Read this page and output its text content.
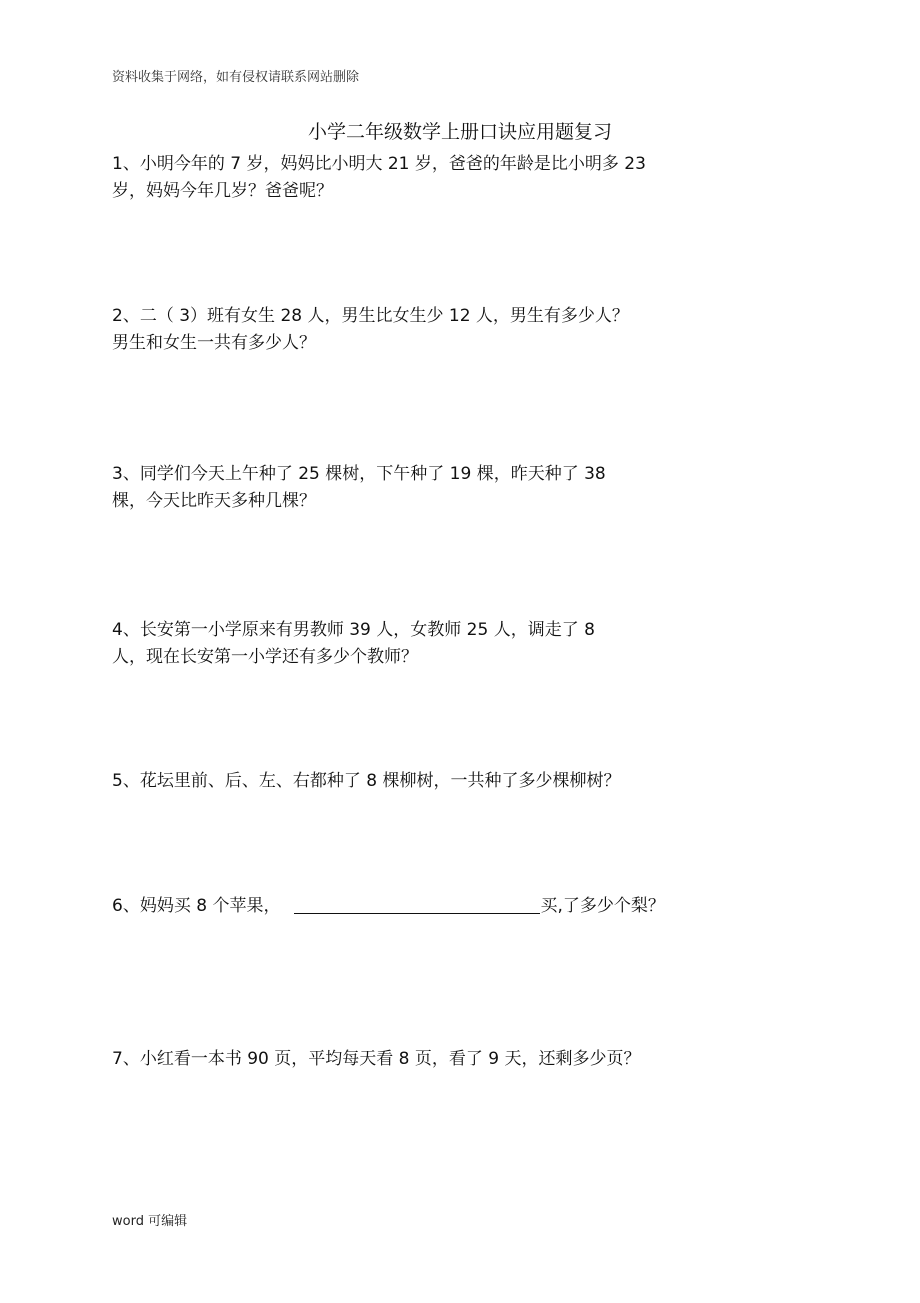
资料收集于网络，如有侵权请联系网站删除
小学二年级数学上册口诀应用题复习
1、小明今年的 7 岁，妈妈比小明大 21 岁，爸爸的年龄是比小明多 23
岁，妈妈今年几岁？爸爸呢？
2、二（ 3）班有女生 28 人，男生比女生少 12 人，男生有多少人？
男生和女生一共有多少人？
3、同学们今天上午种了 25 棵树，下午种了 19 棵，昨天种了 38
棵，今天比昨天多种几棵？
4、长安第一小学原来有男教师 39 人，女教师 25 人，调走了 8
人，现在长安第一小学还有多少个教师？
5、花坛里前、后、左、右都种了 8 棵柳树，一共种了多少棵柳树？
6、妈妈买 8 个苹果，	买,了多少个梨？
7、小红看一本书 90 页，平均每天看 8 页，看了 9 天，还剩多少页？
word 可编辑
